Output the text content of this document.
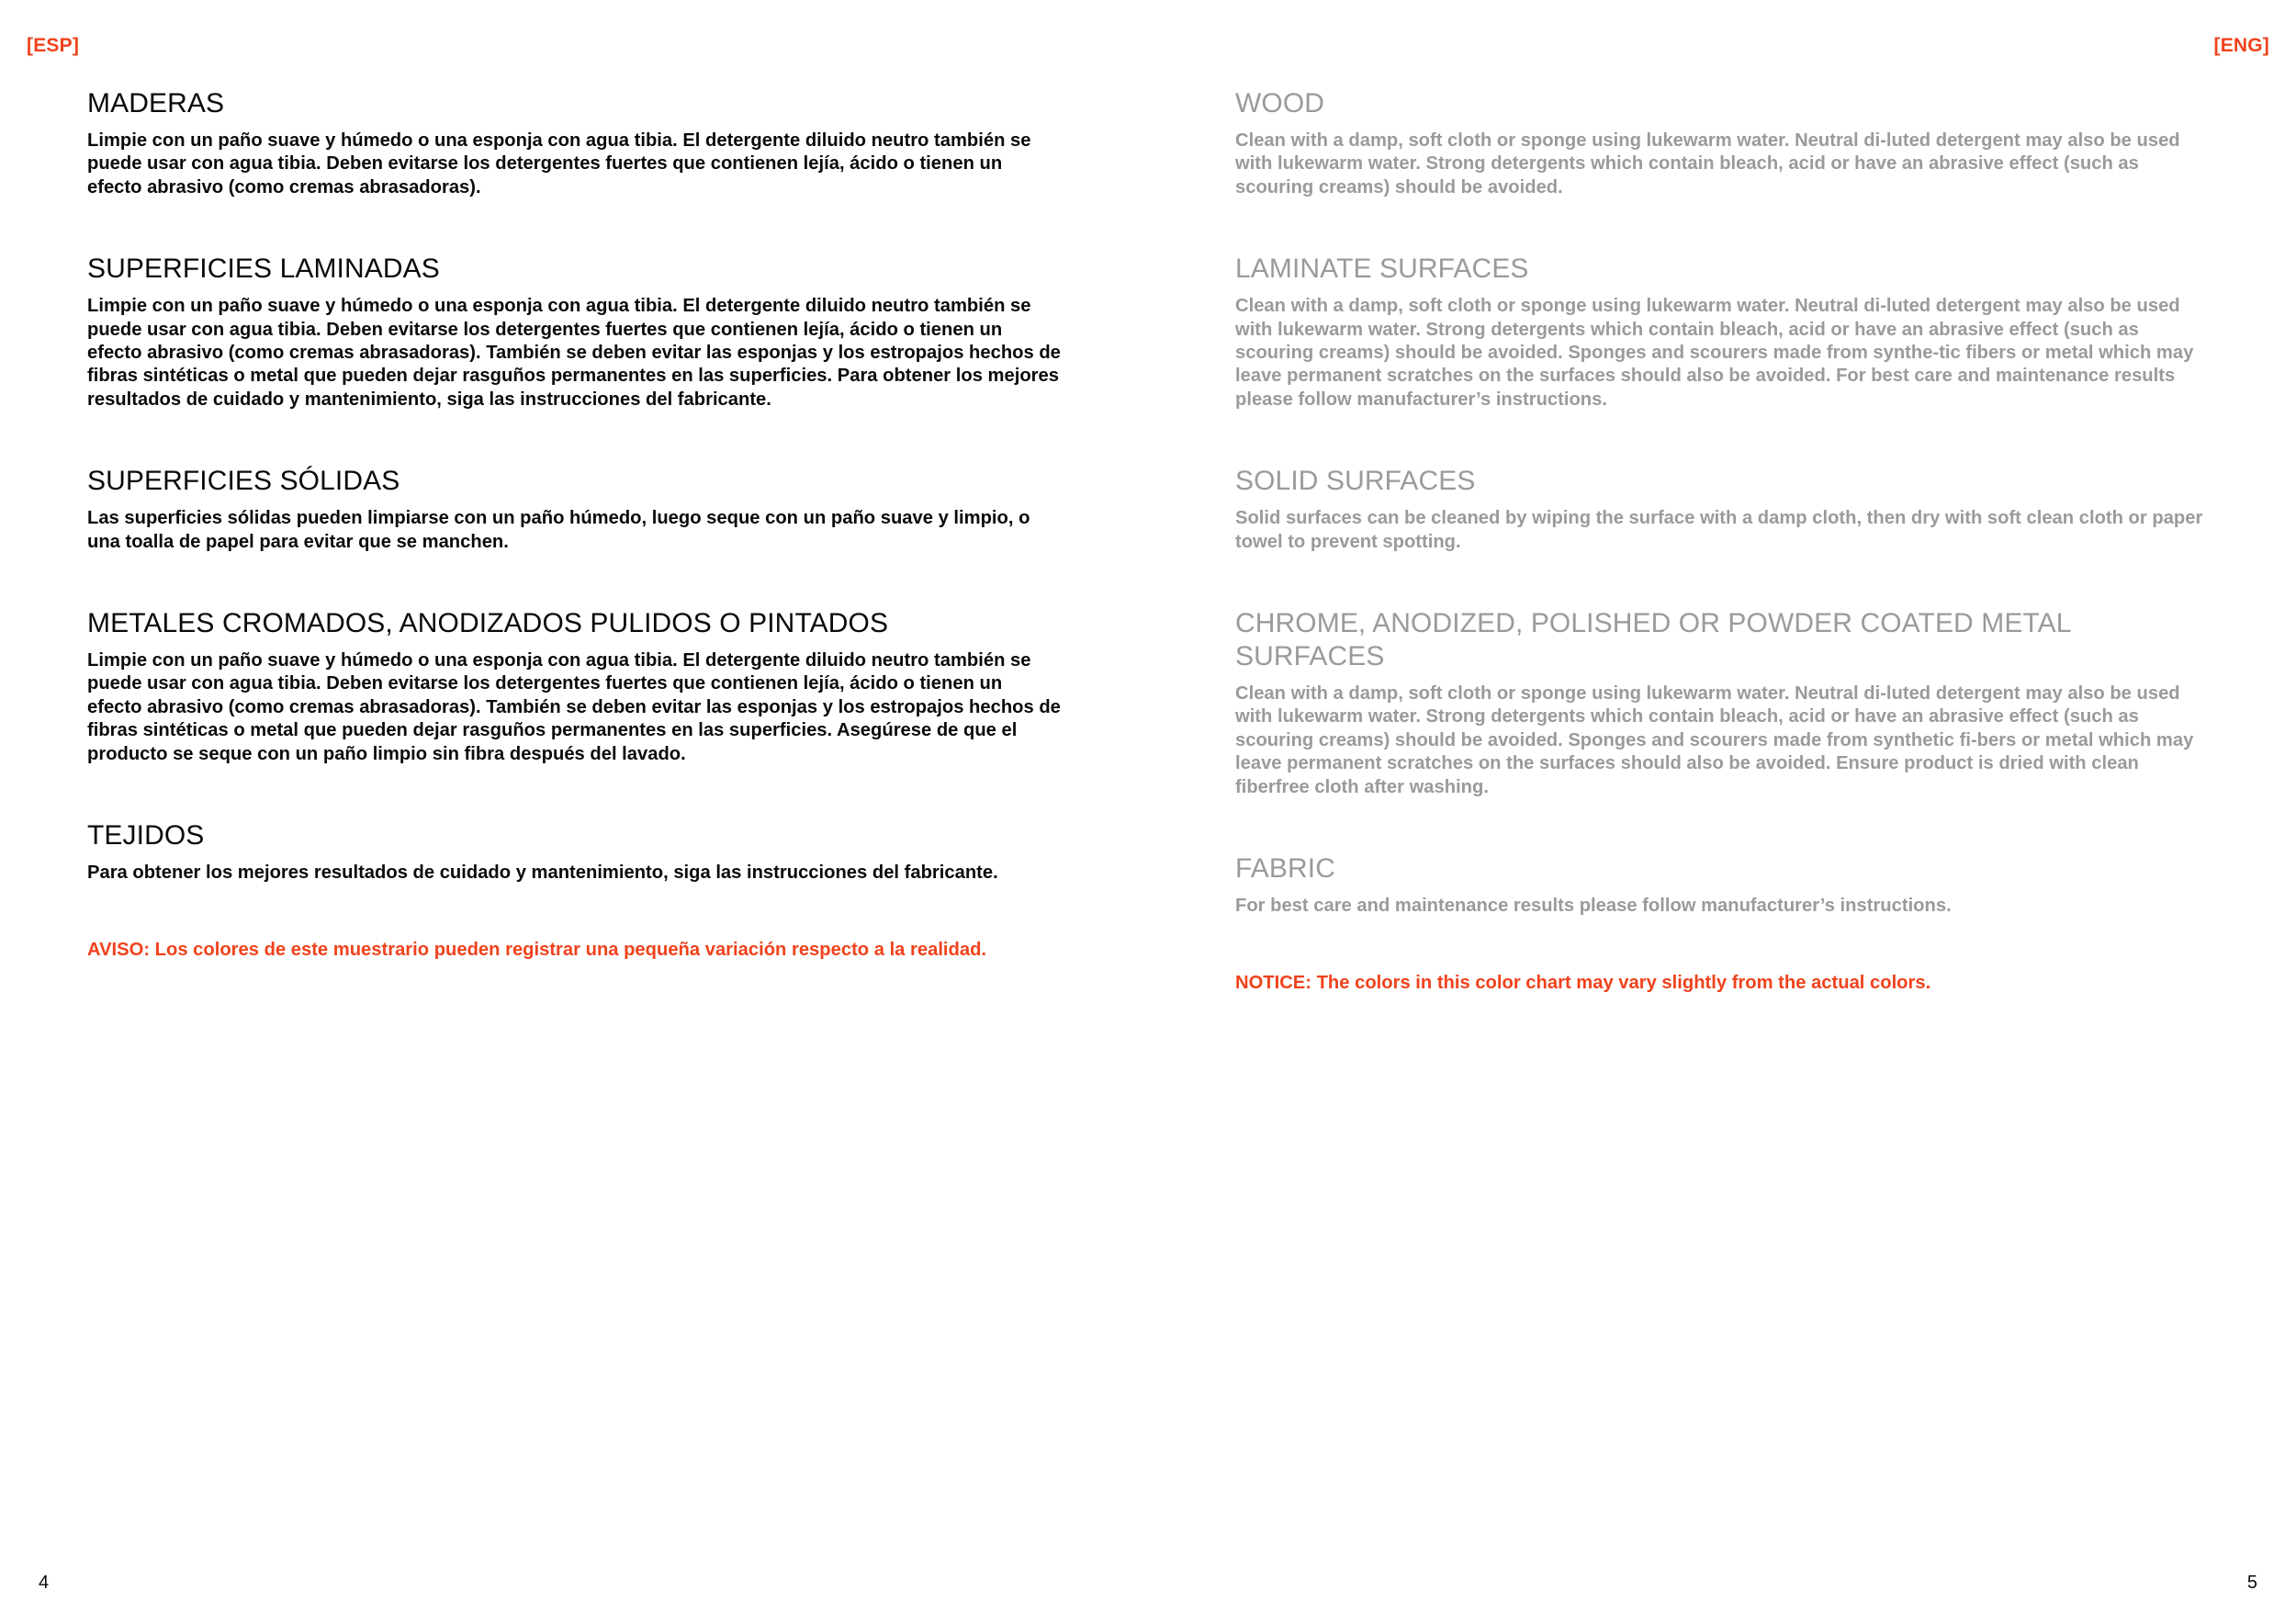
[ESP]
MADERAS

Limpie con un paño suave y húmedo o una esponja con agua tibia. El detergente diluido neutro también se puede usar con agua tibia. Deben evitarse los detergentes fuertes que contienen lejía, ácido o tienen un efecto abrasivo (como cremas abrasadoras).

SUPERFICIES LAMINADAS

Limpie con un paño suave y húmedo o una esponja con agua tibia. El detergente diluido neutro también se puede usar con agua tibia. Deben evitarse los detergentes fuertes que contienen lejía, ácido o tienen un efecto abrasivo (como cremas abrasadoras). También se deben evitar las esponjas y los estropajos hechos de fibras sintéticas o metal que pueden dejar rasguños permanentes en las superficies. Para obtener los mejores resultados de cuidado y mantenimiento, siga las instrucciones del fabricante.

SUPERFICIES SÓLIDAS

Las superficies sólidas pueden limpiarse con un paño húmedo, luego seque con un paño suave y limpio, o una toalla de papel para evitar que se manchen.

METALES CROMADOS, ANODIZADOS PULIDOS O PINTADOS

Limpie con un paño suave y húmedo o una esponja con agua tibia. El detergente diluido neutro también se puede usar con agua tibia. Deben evitarse los detergentes fuertes que contienen lejía, ácido o tienen un efecto abrasivo (como cremas abrasadoras). También se deben evitar las esponjas y los estropajos hechos de fibras sintéticas o metal que pueden dejar rasguños permanentes en las superficies. Asegúrese de que el producto se seque con un paño limpio sin fibra después del lavado.

TEJIDOS

Para obtener los mejores resultados de cuidado y mantenimiento, siga las instrucciones del fabricante.

AVISO: Los colores de este muestrario pueden registrar una pequeña variación respecto a la realidad.

4
[ENG]
WOOD

Clean with a damp, soft cloth or sponge using lukewarm water. Neutral di-luted detergent may also be used with lukewarm water. Strong detergents which contain bleach, acid or have an abrasive effect (such as scouring creams) should be avoided.

LAMINATE SURFACES

Clean with a damp, soft cloth or sponge using lukewarm water. Neutral di-luted detergent may also be used with lukewarm water. Strong detergents which contain bleach, acid or have an abrasive effect (such as scouring creams) should be avoided. Sponges and scourers made from synthe-tic fibers or metal which may leave permanent scratches on the surfaces should also be avoided. For best care and maintenance results please follow manufacturer’s instructions.

SOLID SURFACES

Solid surfaces can be cleaned by wiping the surface with a damp cloth, then dry with soft clean cloth or paper towel to prevent spotting.

CHROME, ANODIZED, POLISHED OR POWDER COATED METAL SURFACES

Clean with a damp, soft cloth or sponge using lukewarm water. Neutral di-luted detergent may also be used with lukewarm water. Strong detergents which contain bleach, acid or have an abrasive effect (such as scouring creams) should be avoided. Sponges and scourers made from synthetic fi-bers or metal which may leave permanent scratches on the surfaces should also be avoided. Ensure product is dried with clean fiberfree cloth after washing.

FABRIC

For best care and maintenance results please follow manufacturer’s instructions.

NOTICE: The colors in this color chart may vary slightly from the actual colors.

5
